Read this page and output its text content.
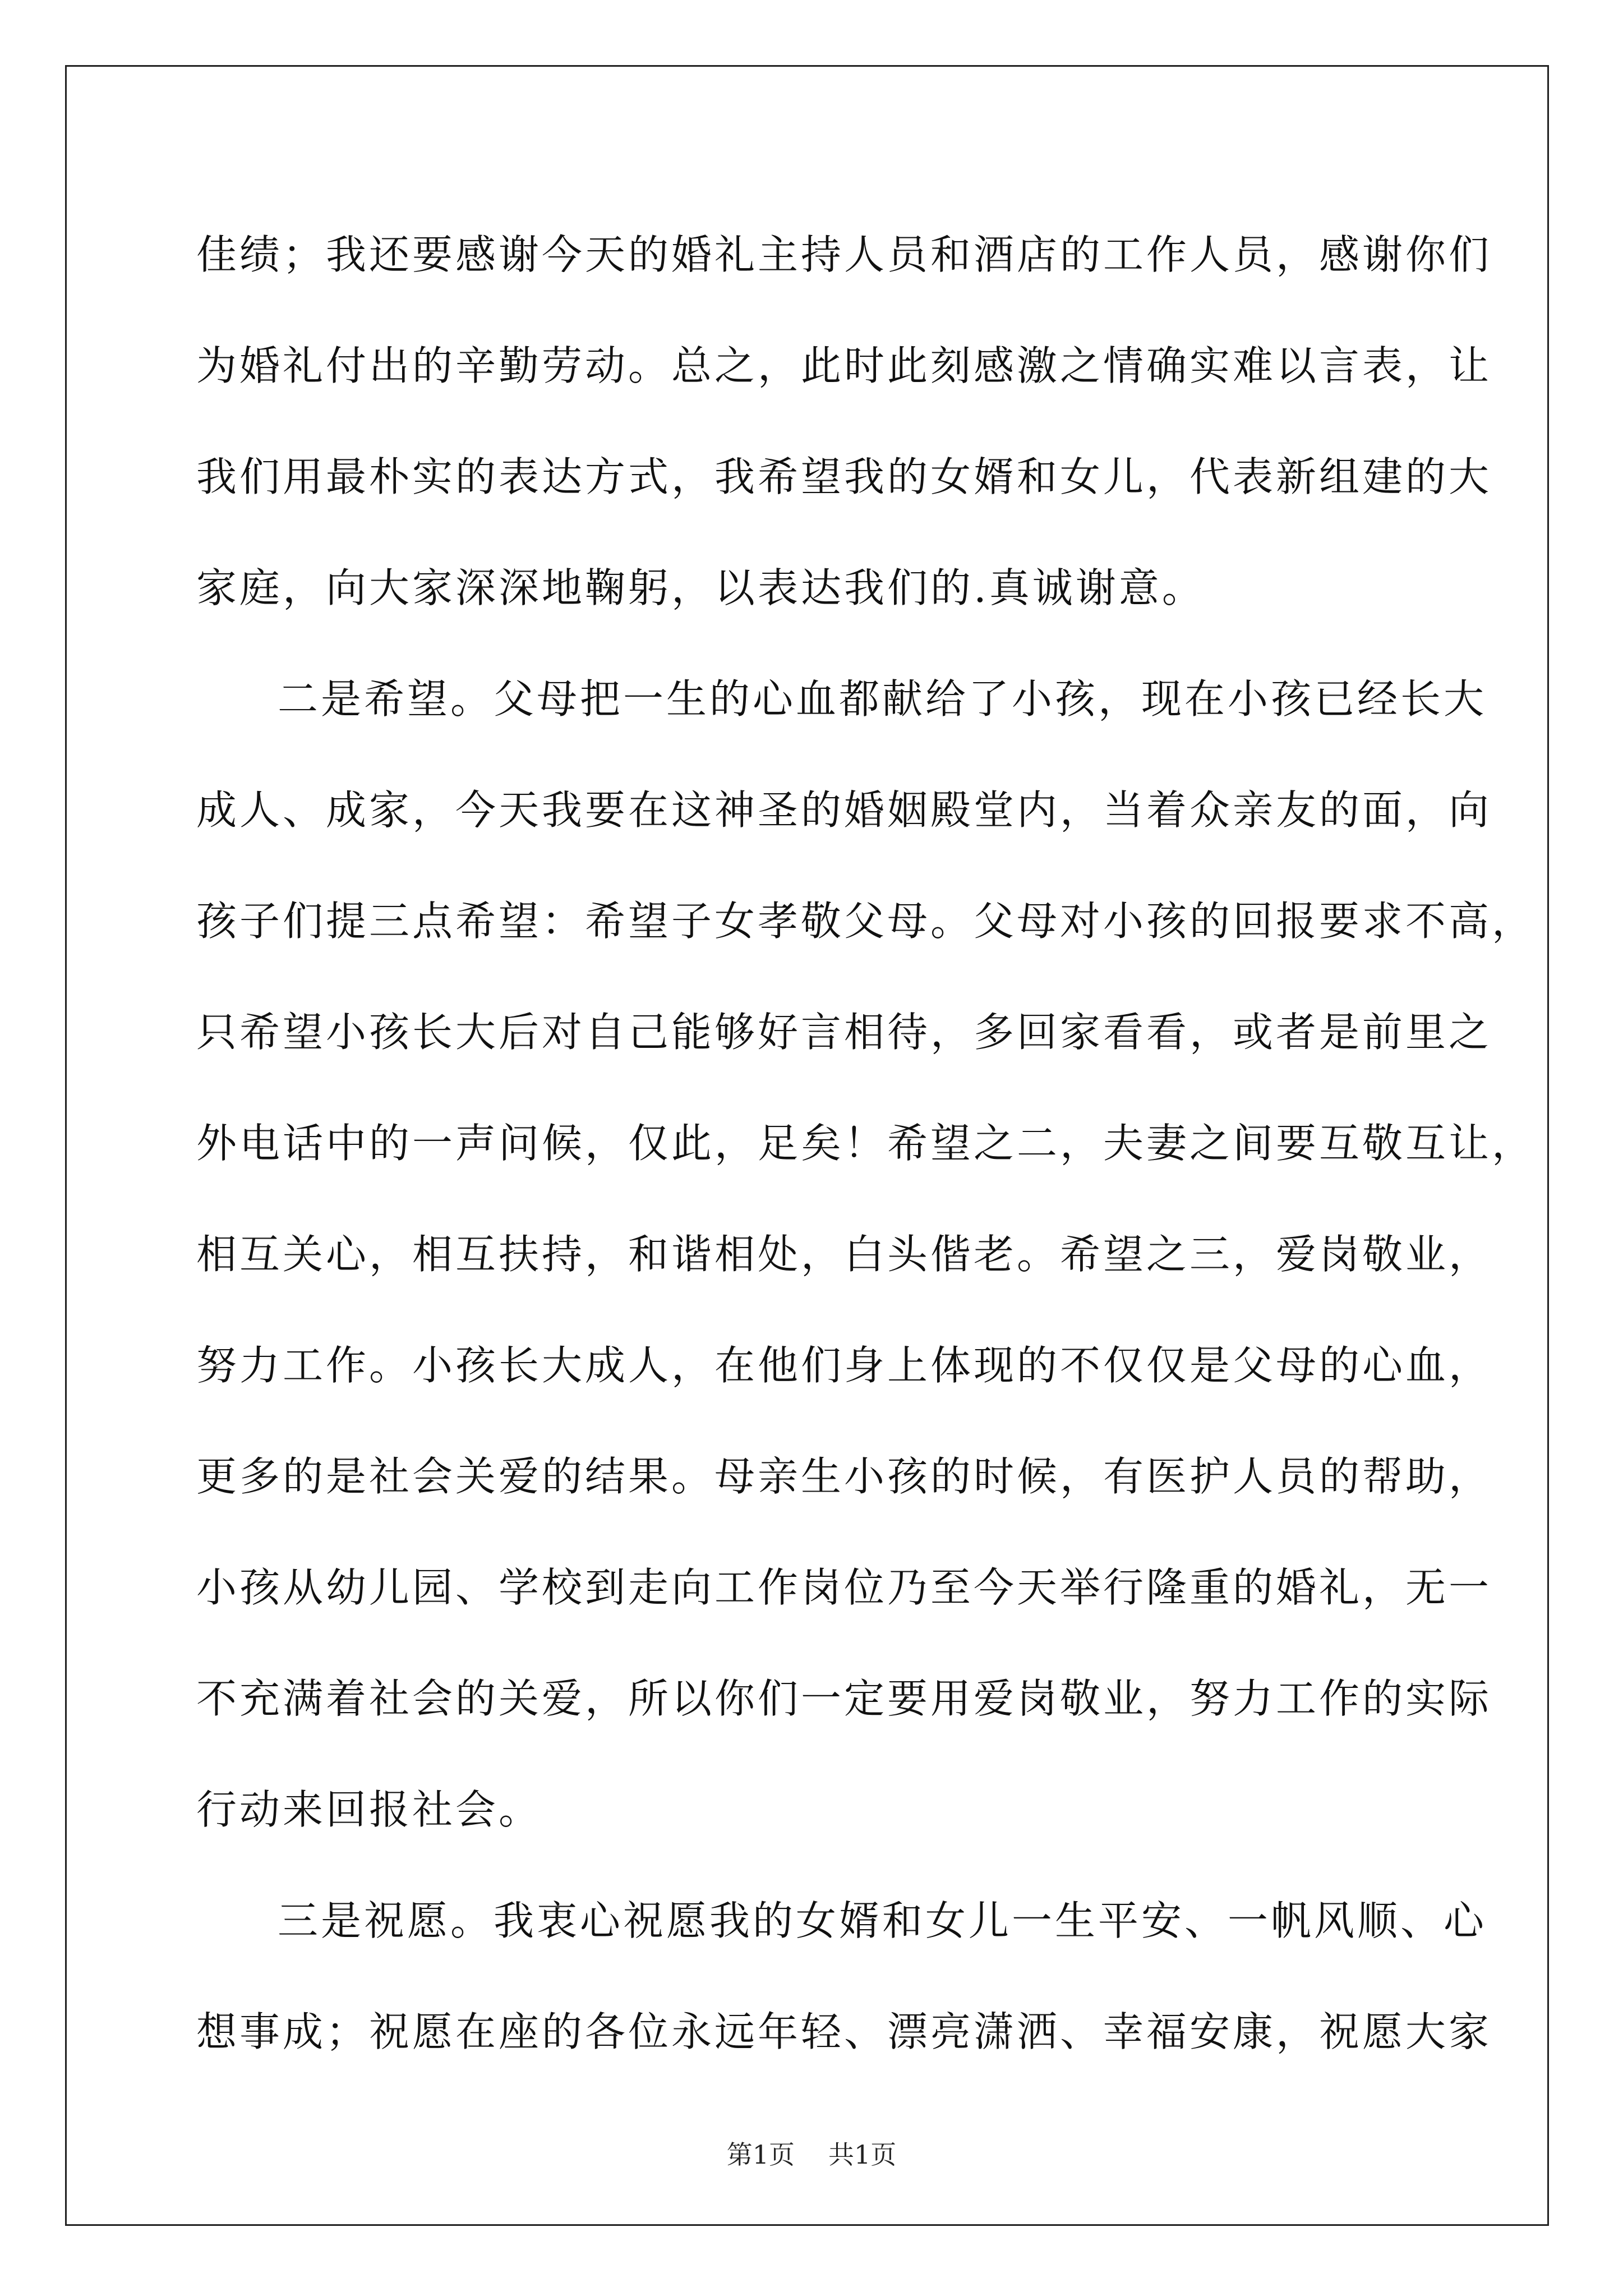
佳绩；我还要感谢今天的婚礼主持人员和酒店的工作人员，感谢你们
为婚礼付出的辛勤劳动。总之，此时此刻感激之情确实难以言表，让
我们用最朴实的表达方式，我希望我的女婿和女儿，代表新组建的大
家庭，向大家深深地鞠躬，以表达我们的.真诚谢意。
二是希望。父母把一生的心血都献给了小孩，现在小孩已经长大
成人、成家，今天我要在这神圣的婚姻殿堂内，当着众亲友的面，向
孩子们提三点希望：希望子女孝敬父母。父母对小孩的回报要求不高，
只希望小孩长大后对自己能够好言相待，多回家看看，或者是前里之
外电话中的一声问候，仅此，足矣！希望之二，夫妻之间要互敬互让，
相互关心，相互扶持，和谐相处，白头偕老。希望之三，爱岗敬业，
努力工作。小孩长大成人，在他们身上体现的不仅仅是父母的心血，
更多的是社会关爱的结果。母亲生小孩的时候，有医护人员的帮助，
小孩从幼儿园、学校到走向工作岗位乃至今天举行隆重的婚礼，无一
不充满着社会的关爱，所以你们一定要用爱岗敬业，努力工作的实际
行动来回报社会。
三是祝愿。我衷心祝愿我的女婿和女儿一生平安、一帆风顺、心
想事成；祝愿在座的各位永远年轻、漂亮潇洒、幸福安康，祝愿大家
第1页 共1页
